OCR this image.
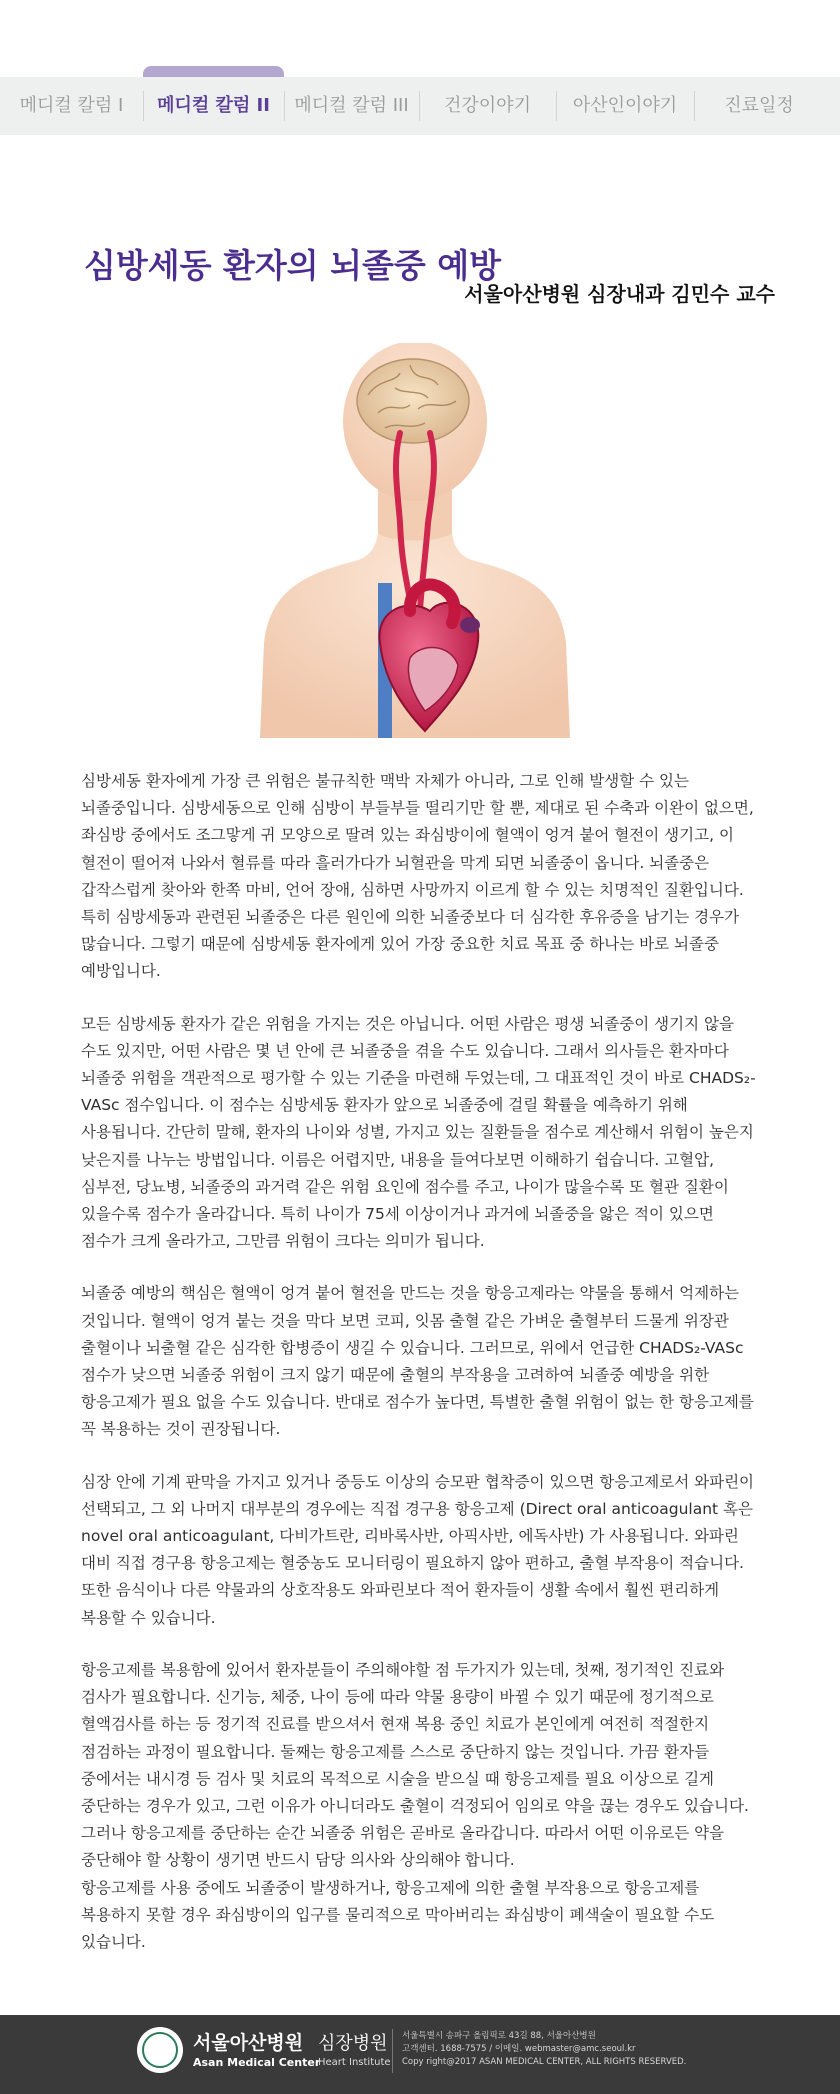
메디컬 칼럼 I	메디컬 칼럼 II	메디컬 칼럼 III	건강이야기	아산인이야기	진료일정
심방세동 환자의 뇌졸중 예방
서울아산병원 심장내과 김민수 교수

심방세동 환자에게 가장 큰 위험은 불규칙한 맥박 자체가 아니라, 그로 인해 발생할 수 있는 뇌졸중입니다. 심방세동으로 인해 심방이 부들부들 떨리기만 할 뿐, 제대로 된 수축과 이완이 없으면, 좌심방 중에서도 조그맣게 귀 모양으로 딸려 있는 좌심방이에 혈액이 엉겨 붙어 혈전이 생기고, 이 혈전이 떨어져 나와서 혈류를 따라 흘러가다가 뇌혈관을 막게 되면 뇌졸중이 옵니다. 뇌졸중은 갑작스럽게 찾아와 한쪽 마비, 언어 장애, 심하면 사망까지 이르게 할 수 있는 치명적인 질환입니다. 특히 심방세동과 관련된 뇌졸중은 다른 원인에 의한 뇌졸중보다 더 심각한 후유증을 남기는 경우가 많습니다. 그렇기 때문에 심방세동 환자에게 있어 가장 중요한 치료 목표 중 하나는 바로 뇌졸중 예방입니다.

모든 심방세동 환자가 같은 위험을 가지는 것은 아닙니다. 어떤 사람은 평생 뇌졸중이 생기지 않을 수도 있지만, 어떤 사람은 몇 년 안에 큰 뇌졸중을 겪을 수도 있습니다. 그래서 의사들은 환자마다 뇌졸중 위험을 객관적으로 평가할 수 있는 기준을 마련해 두었는데, 그 대표적인 것이 바로 CHADS₂-VASc 점수입니다. 이 점수는 심방세동 환자가 앞으로 뇌졸중에 걸릴 확률을 예측하기 위해 사용됩니다. 간단히 말해, 환자의 나이와 성별, 가지고 있는 질환들을 점수로 계산해서 위험이 높은지 낮은지를 나누는 방법입니다. 이름은 어렵지만, 내용을 들여다보면 이해하기 쉽습니다. 고혈압, 심부전, 당뇨병, 뇌졸중의 과거력 같은 위험 요인에 점수를 주고, 나이가 많을수록 또 혈관 질환이 있을수록 점수가 올라갑니다. 특히 나이가 75세 이상이거나 과거에 뇌졸중을 앓은 적이 있으면 점수가 크게 올라가고, 그만큼 위험이 크다는 의미가 됩니다.

뇌졸중 예방의 핵심은 혈액이 엉겨 붙어 혈전을 만드는 것을 항응고제라는 약물을 통해서 억제하는 것입니다. 혈액이 엉겨 붙는 것을 막다 보면 코피, 잇몸 출혈 같은 가벼운 출혈부터 드물게 위장관 출혈이나 뇌출혈 같은 심각한 합병증이 생길 수 있습니다. 그러므로, 위에서 언급한 CHADS₂-VASc 점수가 낮으면 뇌졸중 위험이 크지 않기 때문에 출혈의 부작용을 고려하여 뇌졸중 예방을 위한 항응고제가 필요 없을 수도 있습니다. 반대로 점수가 높다면, 특별한 출혈 위험이 없는 한 항응고제를 꼭 복용하는 것이 권장됩니다.

심장 안에 기계 판막을 가지고 있거나 중등도 이상의 승모판 협착증이 있으면 항응고제로서 와파린이 선택되고, 그 외 나머지 대부분의 경우에는 직접 경구용 항응고제 (Direct oral anticoagulant 혹은 novel oral anticoagulant, 다비가트란, 리바록사반, 아픽사반, 에독사반) 가 사용됩니다. 와파린 대비 직접 경구용 항응고제는 혈중농도 모니터링이 필요하지 않아 편하고, 출혈 부작용이 적습니다. 또한 음식이나 다른 약물과의 상호작용도 와파린보다 적어 환자들이 생활 속에서 훨씬 편리하게 복용할 수 있습니다.

항응고제를 복용함에 있어서 환자분들이 주의해야할 점 두가지가 있는데, 첫째, 정기적인 진료와 검사가 필요합니다. 신기능, 체중, 나이 등에 따라 약물 용량이 바뀔 수 있기 때문에 정기적으로 혈액검사를 하는 등 정기적 진료를 받으셔서 현재 복용 중인 치료가 본인에게 여전히 적절한지 점검하는 과정이 필요합니다. 둘째는 항응고제를 스스로 중단하지 않는 것입니다. 가끔 환자들 중에서는 내시경 등 검사 및 치료의 목적으로 시술을 받으실 때 항응고제를 필요 이상으로 길게 중단하는 경우가 있고, 그런 이유가 아니더라도 출혈이 걱정되어 임의로 약을 끊는 경우도 있습니다. 그러나 항응고제를 중단하는 순간 뇌졸중 위험은 곧바로 올라갑니다. 따라서 어떤 이유로든 약을 중단해야 할 상황이 생기면 반드시 담당 의사와 상의해야 합니다.

항응고제를 사용 중에도 뇌졸중이 발생하거나, 항응고제에 의한 출혈 부작용으로 항응고제를 복용하지 못할 경우 좌심방이의 입구를 물리적으로 막아버리는 좌심방이 폐색술이 필요할 수도 있습니다.

서울아산병원
Asan Medical Center
심장병원
Heart Institute
서울특별시 송파구 올림픽로 43길 88, 서울아산병원
고객센터. 1688-7575 / 이메일. webmaster@amc.seoul.kr
Copy right@2017 ASAN MEDICAL CENTER, ALL RIGHTS RESERVED.
